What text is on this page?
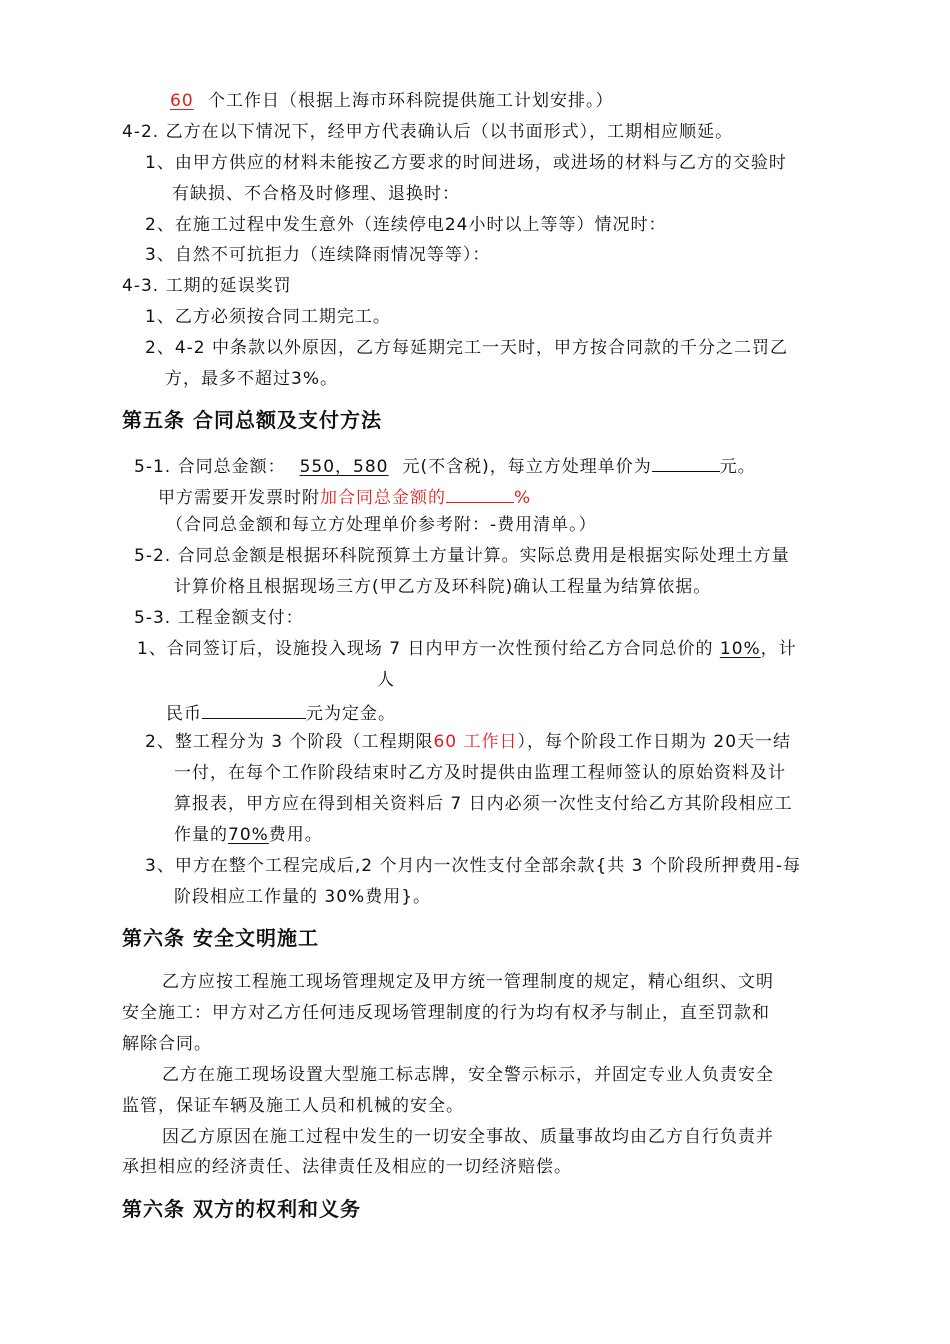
60 个工作日（根据上海市环科院提供施工计划安排。）
4-2. 乙方在以下情况下，经甲方代表确认后（以书面形式），工期相应顺延。
1、由甲方供应的材料未能按乙方要求的时间进场，或进场的材料与乙方的交验时
有缺损、不合格及时修理、退换时：
2、在施工过程中发生意外（连续停电24小时以上等等）情况时：
3、自然不可抗拒力（连续降雨情况等等）：
4-3. 工期的延误奖罚
1、乙方必须按合同工期完工。
2、4-2 中条款以外原因，乙方每延期完工一天时，甲方按合同款的千分之二罚乙
方，最多不超过3%。
第五条 合同总额及支付方法
5-1. 合同总金额： 550，580 元(不含税)，每立方处理单价为	元。
甲方需要开发票时附加合同总金额的	%
（合同总金额和每立方处理单价参考附：-费用清单。）
5-2. 合同总金额是根据环科院预算土方量计算。实际总费用是根据实际处理土方量
计算价格且根据现场三方(甲乙方及环科院)确认工程量为结算依据。
5-3. 工程金额支付：
1、合同签订后，设施投入现场 7 日内甲方一次性预付给乙方合同总价的 10%，计
人
民币	元为定金。
2、整工程分为 3 个阶段（工程期限60 工作日），每个阶段工作日期为 20天一结
一付，在每个工作阶段结束时乙方及时提供由监理工程师签认的原始资料及计
算报表，甲方应在得到相关资料后 7 日内必须一次性支付给乙方其阶段相应工
作量的70%费用。
3、甲方在整个工程完成后,2 个月内一次性支付全部余款{共 3 个阶段所押费用-每
阶段相应工作量的 30%费用}。
第六条 安全文明施工
乙方应按工程施工现场管理规定及甲方统一管理制度的规定，精心组织、文明
安全施工：甲方对乙方任何违反现场管理制度的行为均有权矛与制止，直至罚款和
解除合同。
乙方在施工现场设置大型施工标志牌，安全警示标示，并固定专业人负责安全
监管，保证车辆及施工人员和机械的安全。
因乙方原因在施工过程中发生的一切安全事故、质量事故均由乙方自行负责并
承担相应的经济责任、法律责任及相应的一切经济赔偿。
第六条 双方的权利和义务
